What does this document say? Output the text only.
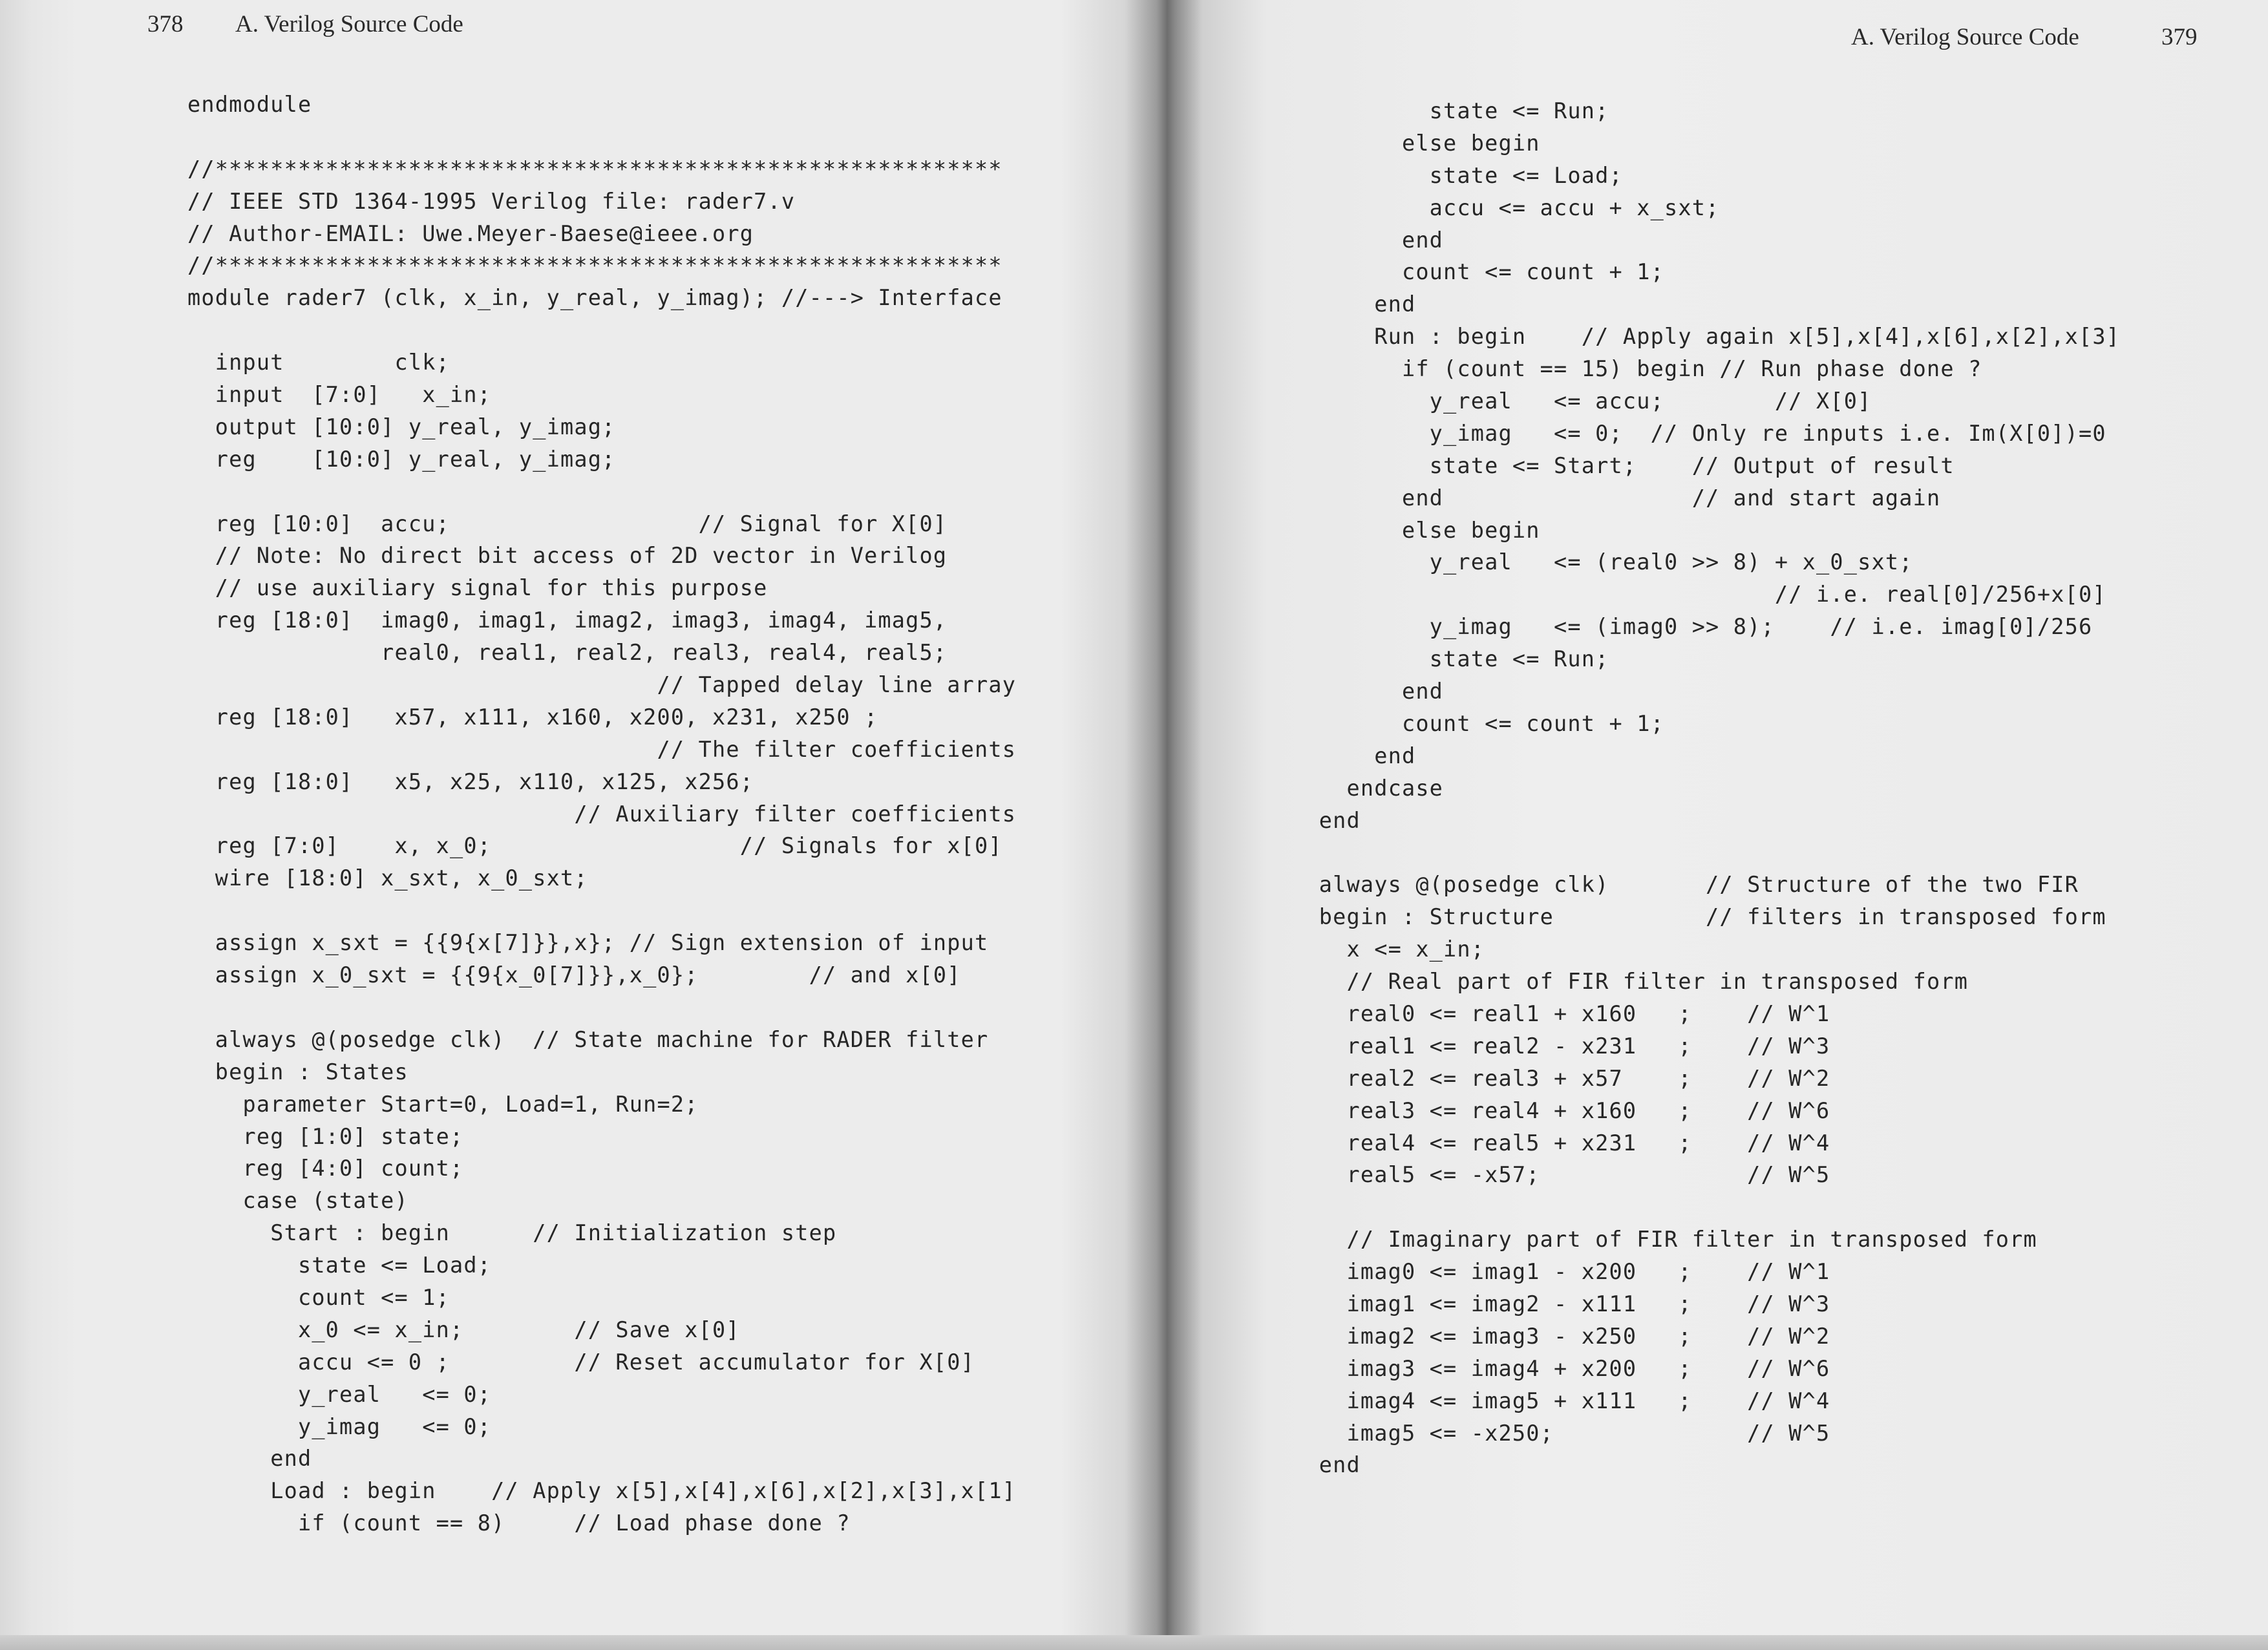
378 A. Verilog Source Code
endmodule
//*********************************************************
// IEEE STD 1364-1995 Verilog file: rader7.v
// Author-EMAIL: Uwe.Meyer-Baese@ieee.org
//*********************************************************
module rader7 (clk, x_in, y_real, y_imag); //---> Interface
input        clk;
input  [7:0]   x_in;
output [10:0] y_real, y_imag;
reg    [10:0] y_real, y_imag;
reg [10:0]  accu;                  // Signal for X[0]
// Note: No direct bit access of 2D vector in Verilog
// use auxiliary signal for this purpose
reg [18:0]  imag0, imag1, imag2, imag3, imag4, imag5,
real0, real1, real2, real3, real4, real5;
// Tapped delay line array
reg [18:0]   x57, x111, x160, x200, x231, x250 ;
// The filter coefficients
reg [18:0]   x5, x25, x110, x125, x256;
// Auxiliary filter coefficients
reg [7:0]    x, x_0;                  // Signals for x[0]
wire [18:0] x_sxt, x_0_sxt;
assign x_sxt = {{9{x[7]}},x}; // Sign extension of input
assign x_0_sxt = {{9{x_0[7]}},x_0};        // and x[0]
always @(posedge clk)  // State machine for RADER filter
begin : States
parameter Start=0, Load=1, Run=2;
reg [1:0] state;
reg [4:0] count;
case (state)
Start : begin      // Initialization step
state <= Load;
count <= 1;
x_0 <= x_in;        // Save x[0]
accu <= 0 ;         // Reset accumulator for X[0]
y_real   <= 0;
y_imag   <= 0;
end
Load : begin    // Apply x[5],x[4],x[6],x[2],x[3],x[1]
if (count == 8)     // Load phase done ?
A. Verilog Source Code	379
state <= Run;
else begin
state <= Load;
accu <= accu + x_sxt;
end
count <= count + 1;
end
Run : begin    // Apply again x[5],x[4],x[6],x[2],x[3]
if (count == 15) begin // Run phase done ?
y_real   <= accu;        // X[0]
y_imag   <= 0;  // Only re inputs i.e. Im(X[0])=0
state <= Start;    // Output of result
end                  // and start again
else begin
y_real   <= (real0 >> 8) + x_0_sxt;
// i.e. real[0]/256+x[0]
y_imag   <= (imag0 >> 8);    // i.e. imag[0]/256
state <= Run;
end
count <= count + 1;
end
endcase
end
always @(posedge clk)       // Structure of the two FIR
begin : Structure           // filters in transposed form
x <= x_in;
// Real part of FIR filter in transposed form
real0 <= real1 + x160   ;    // W^1
real1 <= real2 - x231   ;    // W^3
real2 <= real3 + x57    ;    // W^2
real3 <= real4 + x160   ;    // W^6
real4 <= real5 + x231   ;    // W^4
real5 <= -x57;               // W^5
// Imaginary part of FIR filter in transposed form
imag0 <= imag1 - x200   ;    // W^1
imag1 <= imag2 - x111   ;    // W^3
imag2 <= imag3 - x250   ;    // W^2
imag3 <= imag4 + x200   ;    // W^6
imag4 <= imag5 + x111   ;    // W^4
imag5 <= -x250;              // W^5
end
